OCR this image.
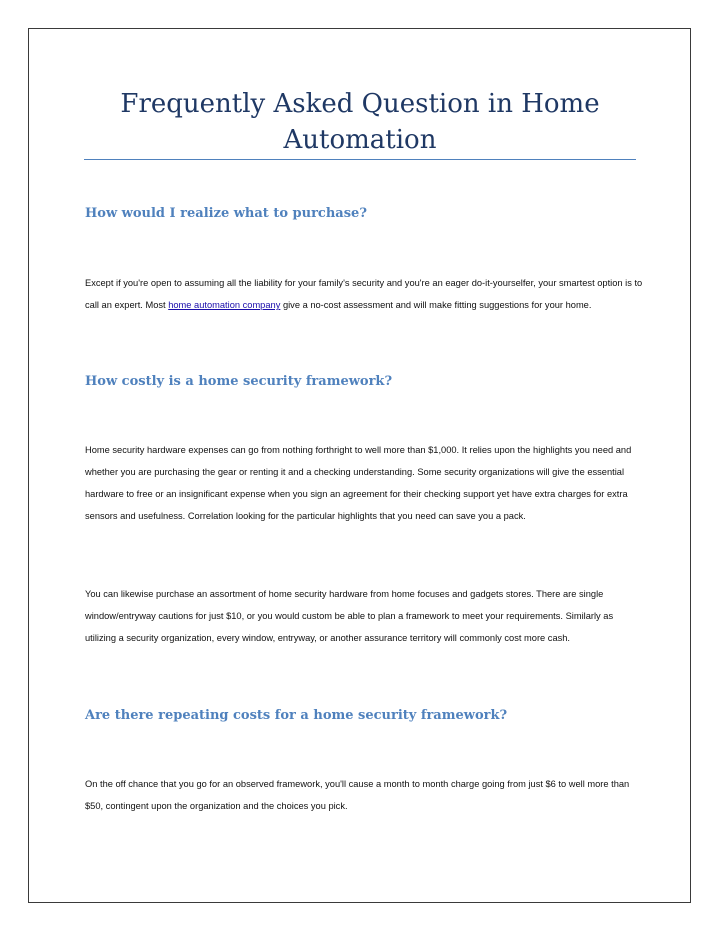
Frequently Asked Question in Home Automation
How would I realize what to purchase?

Except if you're open to assuming all the liability for your family's security and you're an eager do-it-yourselfer, your smartest option is to call an expert. Most home automation company give a no-cost assessment and will make fitting suggestions for your home.

How costly is a home security framework?

Home security hardware expenses can go from nothing forthright to well more than $1,000. It relies upon the highlights you need and whether you are purchasing the gear or renting it and a checking understanding. Some security organizations will give the essential hardware to free or an insignificant expense when you sign an agreement for their checking support yet have extra charges for extra sensors and usefulness. Correlation looking for the particular highlights that you need can save you a pack.

You can likewise purchase an assortment of home security hardware from home focuses and gadgets stores. There are single window/entryway cautions for just $10, or you would custom be able to plan a framework to meet your requirements. Similarly as utilizing a security organization, every window, entryway, or another assurance territory will commonly cost more cash.

Are there repeating costs for a home security framework?

On the off chance that you go for an observed framework, you'll cause a month to month charge going from just $6 to well more than $50, contingent upon the organization and the choices you pick.
